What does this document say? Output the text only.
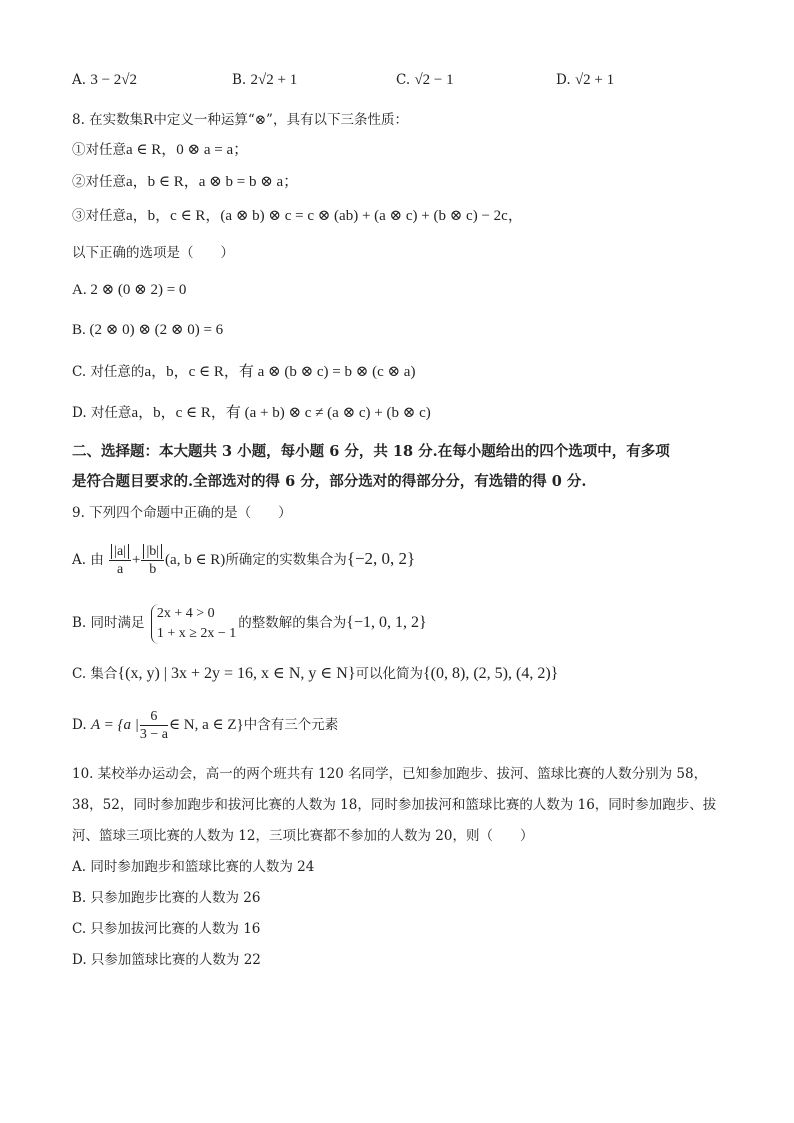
A. 3 − 2√2	B. 2√2 + 1	C. √2 − 1	D. √2 + 1
8. 在实数集R中定义一种运算“⊗”，具有以下三条性质：
①对任意a ∈ R，0 ⊗ a = a；
②对任意a，b ∈ R，a ⊗ b = b ⊗ a；
③对任意a，b，c ∈ R，(a ⊗ b) ⊗ c = c ⊗ (ab) + (a ⊗ c) + (b ⊗ c) − 2c，
以下正确的选项是（　　）
A. 2 ⊗ (0 ⊗ 2) = 0
B. (2 ⊗ 0) ⊗ (2 ⊗ 0) = 6
C. 对任意的a，b，c ∈ R，有 a ⊗ (b ⊗ c) = b ⊗ (c ⊗ a)
D. 对任意a，b，c ∈ R，有 (a + b) ⊗ c ≠ (a ⊗ c) + (b ⊗ c)
二、选择题：本大题共 3 小题，每小题 6 分，共 18 分.在每小题给出的四个选项中，有多项
是符合题目要求的.全部选对的得 6 分，部分选对的得部分分，有选错的得 0 分.
9. 下列四个命题中正确的是（　　）
A. 由 $\frac{|a|}{a} + \frac{|b|}{b} (a$, b ∈ R)所确定的实数集合为{−2, 0, 2}
B. 同时满足
2x + 4 > 0
1 + x ≥ 2x − 1
的整数解的集合为{−1, 0, 1, 2}
C. 集合{(x, y) | 3x + 2y = 16, x ∈ N, y ∈ N}可以化简为{(0, 8), (2, 5), (4, 2)}
D. A = {a | $\frac{6}{3 - a}$ ∈ N, a ∈ Z}中含有三个元素
10. 某校举办运动会，高一的两个班共有 120 名同学，已知参加跑步、拔河、篮球比赛的人数分别为 58，
38，52，同时参加跑步和拔河比赛的人数为 18，同时参加拔河和篮球比赛的人数为 16，同时参加跑步、拔
河、篮球三项比赛的人数为 12，三项比赛都不参加的人数为 20，则（　　）
A. 同时参加跑步和篮球比赛的人数为 24
B. 只参加跑步比赛的人数为 26
C. 只参加拔河比赛的人数为 16
D. 只参加篮球比赛的人数为 22
